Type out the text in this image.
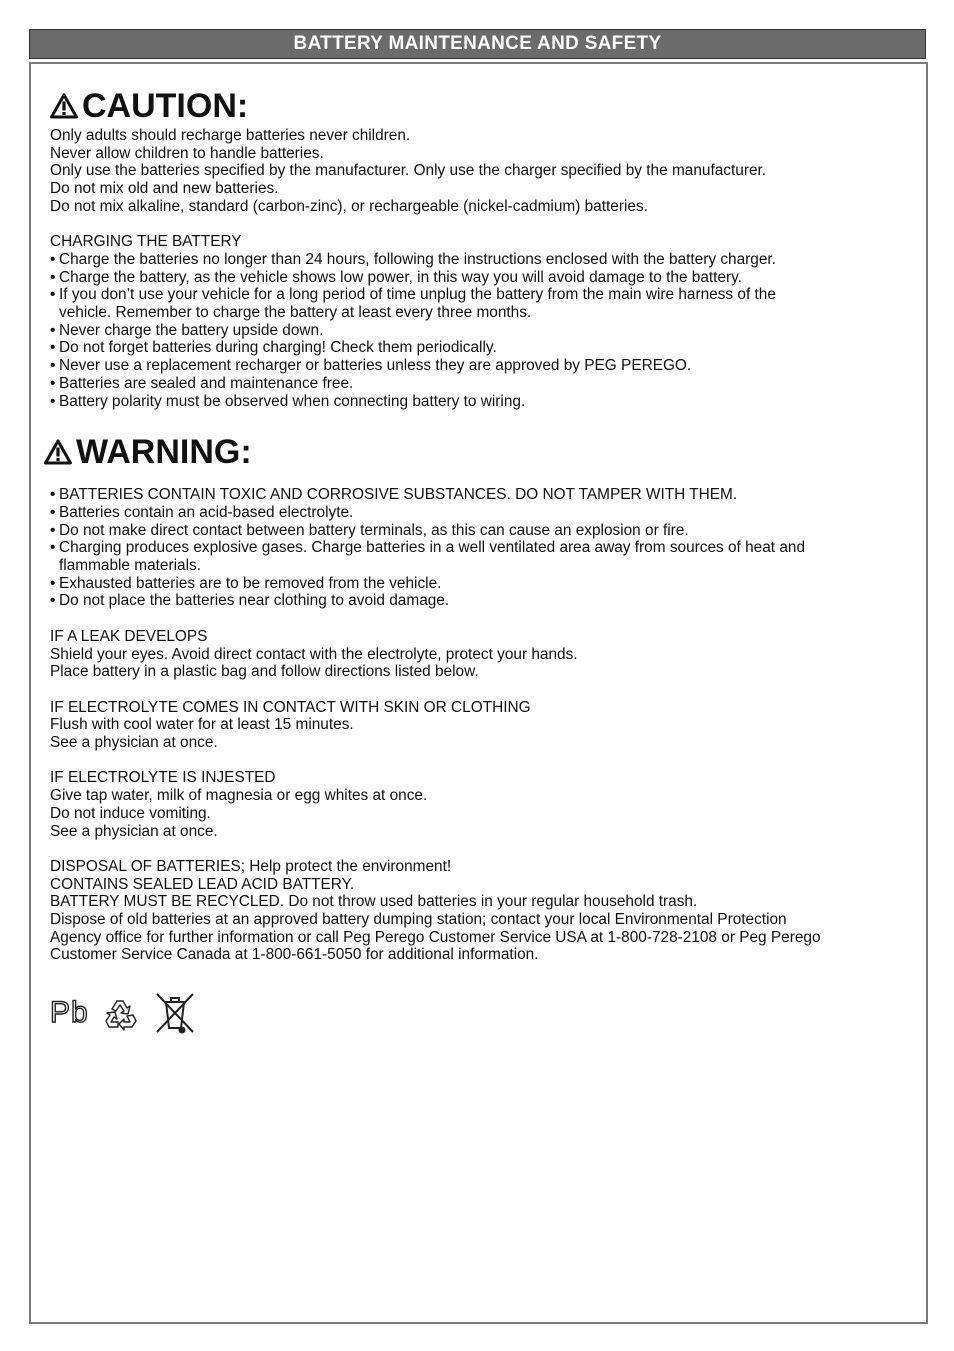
BATTERY MAINTENANCE AND SAFETY
CAUTION:
Only adults should recharge batteries never children.
Never allow children to handle batteries.
Only use the batteries specified by the manufacturer. Only use the charger specified by the manufacturer.
Do not mix old and new batteries.
Do not mix alkaline, standard (carbon-zinc), or rechargeable (nickel-cadmium) batteries.
CHARGING THE BATTERY
• Charge the batteries no longer than 24 hours, following the instructions enclosed with the battery charger.
• Charge the battery, as the vehicle shows low power, in this way you will avoid damage to the battery.
• If you don’t use your vehicle for a long period of time unplug the battery from the main wire harness of the
vehicle. Remember to charge the battery at least every three months.
• Never charge the battery upside down.
• Do not forget batteries during charging! Check them periodically.
• Never use a replacement recharger or batteries unless they are approved by PEG PEREGO.
• Batteries are sealed and maintenance free.
• Battery polarity must be observed when connecting battery to wiring.
WARNING:
• BATTERIES CONTAIN TOXIC AND CORROSIVE SUBSTANCES. DO NOT TAMPER WITH THEM.
• Batteries contain an acid-based electrolyte.
• Do not make direct contact between battery terminals, as this can cause an explosion or fire.
• Charging produces explosive gases. Charge batteries in a well ventilated area away from sources of heat and
flammable materials.
• Exhausted batteries are to be removed from the vehicle.
• Do not place the batteries near clothing to avoid damage.
IF A LEAK DEVELOPS
Shield your eyes. Avoid direct contact with the electrolyte, protect your hands.
Place battery in a plastic bag and follow directions listed below.
IF ELECTROLYTE COMES IN CONTACT WITH SKIN OR CLOTHING
Flush with cool water for at least 15 minutes.
See a physician at once.
IF ELECTROLYTE IS INJESTED
Give tap water, milk of magnesia or egg whites at once.
Do not induce vomiting.
See a physician at once.
DISPOSAL OF BATTERIES; Help protect the environment!
CONTAINS SEALED LEAD ACID BATTERY.
BATTERY MUST BE RECYCLED. Do not throw used batteries in your regular household trash.
Dispose of old batteries at an approved battery dumping station; contact your local Environmental Protection
Agency office for further information or call Peg Perego Customer Service USA at 1-800-728-2108 or Peg Perego
Customer Service Canada at 1-800-661-5050 for additional information.
Pb
